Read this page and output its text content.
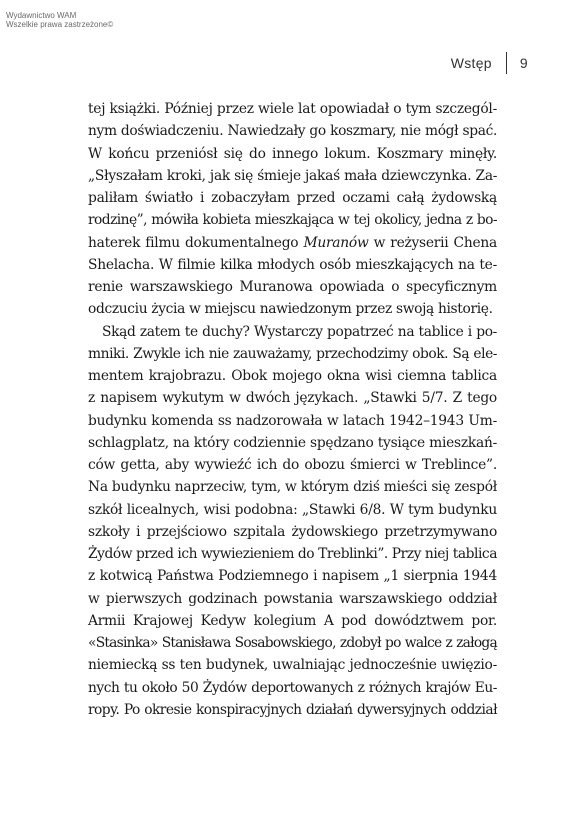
Wydawnictwo WAM
Wszelkie prawa zastrzeżone©
Wstęp 9
tej książki. Później przez wiele lat opowiadał o tym szczegól-
nym doświadczeniu. Nawiedzały go koszmary, nie mógł spać.
W końcu przeniósł się do innego lokum. Koszmary minęły.
„Słyszałam kroki, jak się śmieje jakaś mała dziewczynka. Za-
paliłam światło i zobaczyłam przed oczami całą żydowską
rodzinę”, mówiła kobieta mieszkająca w tej okolicy, jedna z bo-
haterek filmu dokumentalnego Muranów w reżyserii Chena
Shelacha. W filmie kilka młodych osób mieszkających na te-
renie warszawskiego Muranowa opowiada o specyficznym
odczuciu życia w miejscu nawiedzonym przez swoją historię.
Skąd zatem te duchy? Wystarczy popatrzeć na tablice i po-
mniki. Zwykle ich nie zauważamy, przechodzimy obok. Są ele-
mentem krajobrazu. Obok mojego okna wisi ciemna tablica
z napisem wykutym w dwóch językach. „Stawki 5/7. Z tego
budynku komenda ss nadzorowała w latach 1942–1943 Um-
schlagplatz, na który codziennie spędzano tysiące mieszkań-
ców getta, aby wywieźć ich do obozu śmierci w Treblince”.
Na budynku naprzeciw, tym, w którym dziś mieści się zespół
szkół licealnych, wisi podobna: „Stawki 6/8. W tym budynku
szkoły i przejściowo szpitala żydowskiego przetrzymywano
Żydów przed ich wywiezieniem do Treblinki”. Przy niej tablica
z kotwicą Państwa Podziemnego i napisem „1 sierpnia 1944
w pierwszych godzinach powstania warszawskiego oddział
Armii Krajowej Kedyw kolegium A pod dowództwem por.
«Stasinka» Stanisława Sosabowskiego, zdobył po walce z załogą
niemiecką ss ten budynek, uwalniając jednocześnie uwięzio-
nych tu około 50 Żydów deportowanych z różnych krajów Eu-
ropy. Po okresie konspiracyjnych działań dywersyjnych oddział
